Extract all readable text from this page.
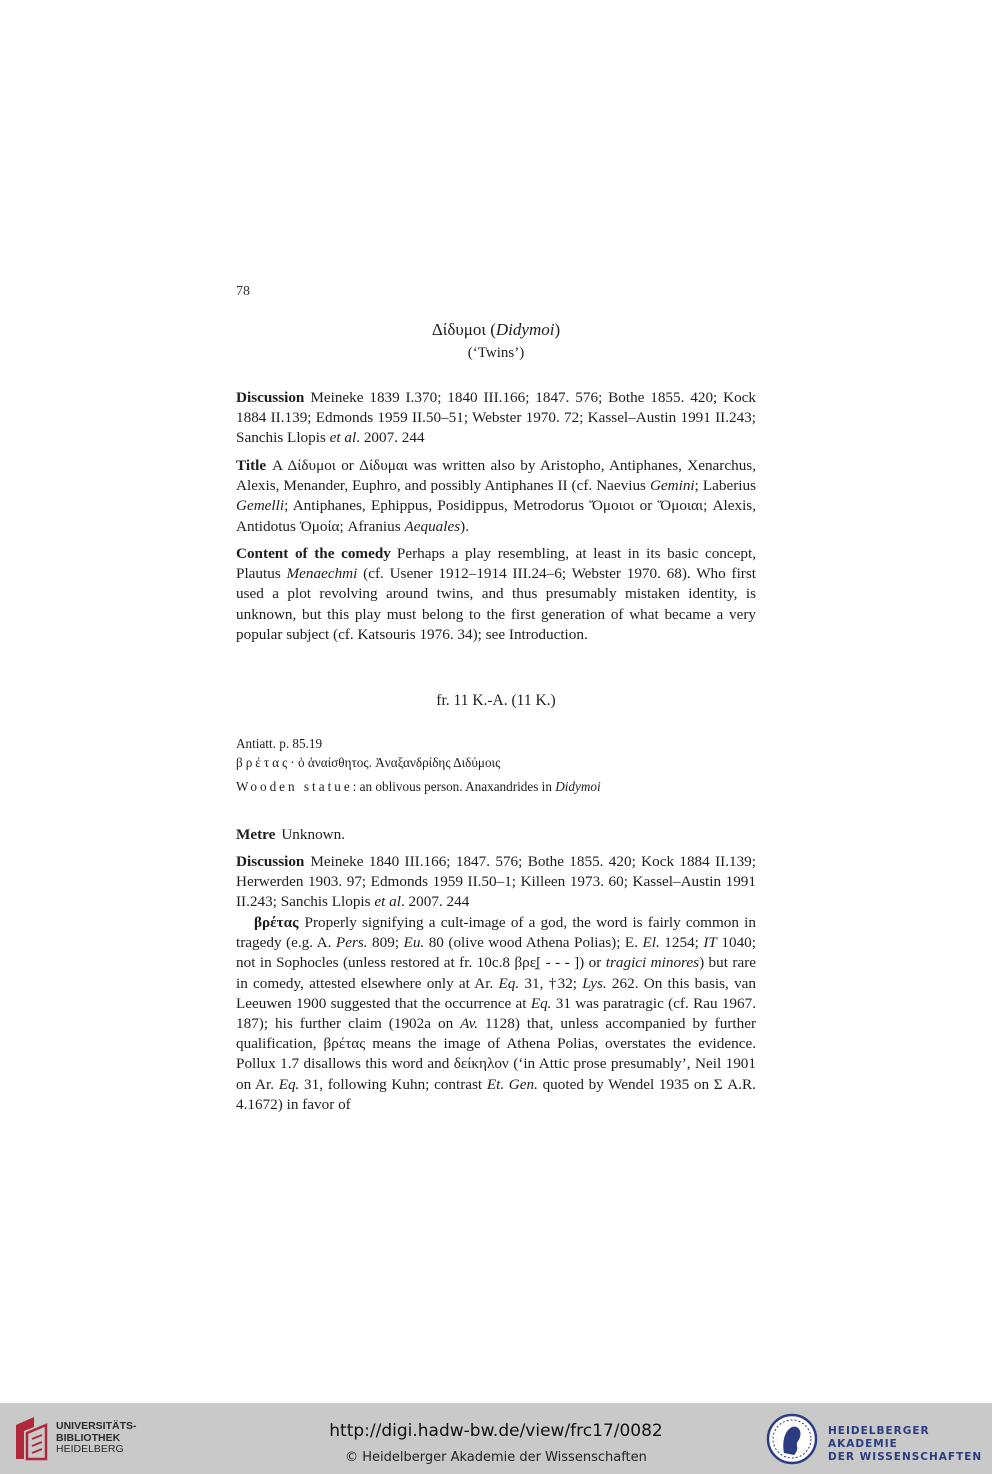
78
Δίδυμοι (Didymoi)
(‘Twins’)

Discussion Meineke 1839 I.370; 1840 III.166; 1847. 576; Bothe 1855. 420; Kock 1884 II.139; Edmonds 1959 II.50–51; Webster 1970. 72; Kassel–Austin 1991 II.243; Sanchis Llopis et al. 2007. 244

Title A Δίδυμοι or Δίδυμαι was written also by Aristopho, Antiphanes, Xenarchus, Alexis, Menander, Euphro, and possibly Antiphanes II (cf. Naevius Gemini; Laberius Gemelli; Antiphanes, Ephippus, Posidippus, Metrodorus Ὅμοιοι or Ὅμοιαι; Alexis, Antidotus Ὁμοία; Afranius Aequales).

Content of the comedy Perhaps a play resembling, at least in its basic concept, Plautus Menaechmi (cf. Usener 1912–1914 III.24–6; Webster 1970. 68). Who first used a plot revolving around twins, and thus presumably mistaken identity, is unknown, but this play must belong to the first generation of what became a very popular subject (cf. Katsouris 1976. 34); see Introduction.

fr. 11 K.-A. (11 K.)

Antiatt. p. 85.19

βρέτας· ὁ ἀναίσθητος. Ἀναξανδρίδης Διδύμοις

Wooden statue: an oblivous person. Anaxandrides in Didymoi

Metre Unknown.

Discussion Meineke 1840 III.166; 1847. 576; Bothe 1855. 420; Kock 1884 II.139; Herwerden 1903. 97; Edmonds 1959 II.50–1; Killeen 1973. 60; Kassel–Austin 1991 II.243; Sanchis Llopis et al. 2007. 244

βρέτας Properly signifying a cult-image of a god, the word is fairly common in tragedy (e.g. A. Pers. 809; Eu. 80 (olive wood Athena Polias); E. El. 1254; IT 1040; not in Sophocles (unless restored at fr. 10c.8 βρε̣[ - - - ]) or tragici minores) but rare in comedy, attested elsewhere only at Ar. Eq. 31, †32; Lys. 262. On this basis, van Leeuwen 1900 suggested that the occurrence at Eq. 31 was paratragic (cf. Rau 1967. 187); his further claim (1902a on Av. 1128) that, unless accompanied by further qualification, βρέτας means the image of Athena Polias, overstates the evidence. Pollux 1.7 disallows this word and δείκηλον (‘in Attic prose presumably’, Neil 1901 on Ar. Eq. 31, following Kuhn; contrast Et. Gen. quoted by Wendel 1935 on Σ A.R. 4.1672) in favor of

UNIVERSITÄTS-
BIBLIOTHEK
HEIDELBERG
http://digi.hadw-bw.de/view/frc17/0082
© Heidelberger Akademie der Wissenschaften
HEIDELBERGER AKADEMIE
DER WISSENSCHAFTEN
